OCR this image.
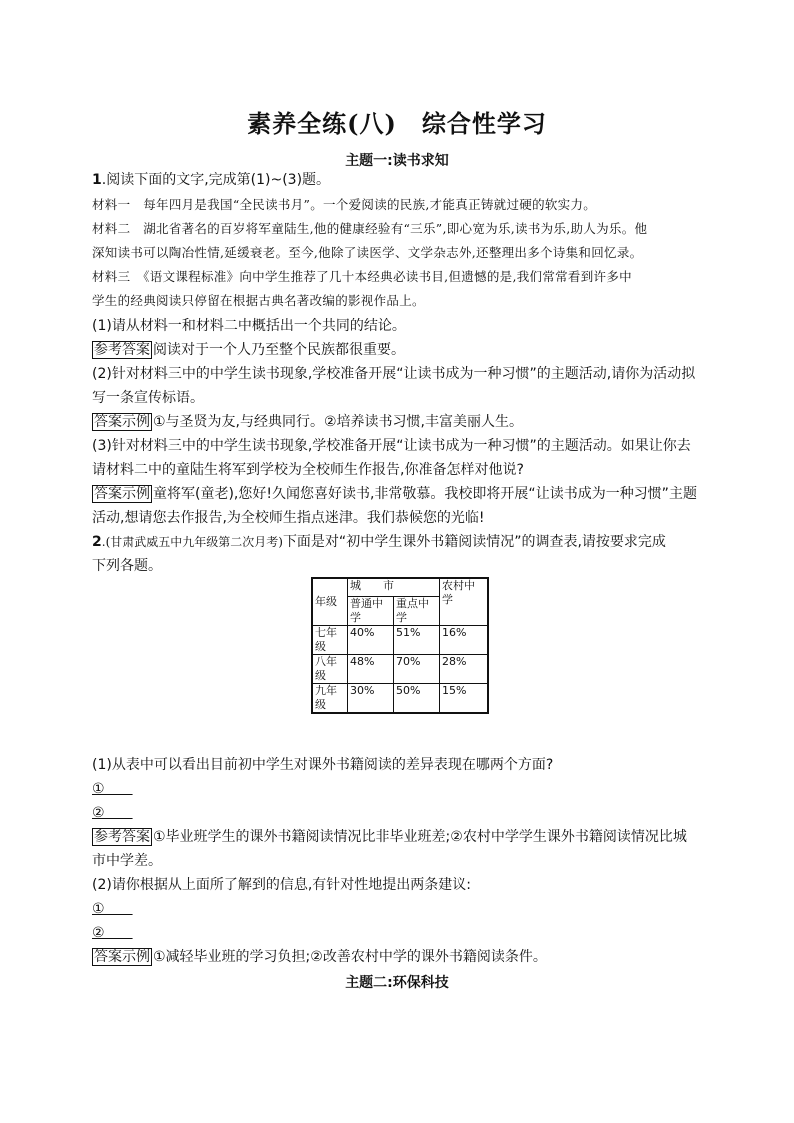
素养全练(八)　综合性学习
主题一:读书求知
1.阅读下面的文字,完成第(1)~(3)题。
材料一　 每年四月是我国“全民读书月”。一个爱阅读的民族,才能真正铸就过硬的软实力。
材料二　 湖北省著名的百岁将军童陆生,他的健康经验有“三乐”,即心宽为乐,读书为乐,助人为乐。他
深知读书可以陶冶性情,延缓衰老。至今,他除了读医学、文学杂志外,还整理出多个诗集和回忆录。
材料三　 《语文课程标准》向中学生推荐了几十本经典必读书目,但遗憾的是,我们常常看到许多中
学生的经典阅读只停留在根据古典名著改编的影视作品上。
(1)请从材料一和材料二中概括出一个共同的结论。
参考答案 阅读对于一个人乃至整个民族都很重要。
(2)针对材料三中的中学生读书现象,学校准备开展“让读书成为一种习惯”的主题活动,请你为活动拟
写一条宣传标语。
答案示例 ①与圣贤为友,与经典同行。②培养读书习惯,丰富美丽人生。
(3)针对材料三中的中学生读书现象,学校准备开展“让读书成为一种习惯”的主题活动。如果让你去
请材料二中的童陆生将军到学校为全校师生作报告,你准备怎样对他说?
答案示例 童将军(童老),您好!久闻您喜好读书,非常敬慕。我校即将开展“让读书成为一种习惯”主题
活动,想请您去作报告,为全校师生指点迷津。我们恭候您的光临!
2.(甘肃武威五中九年级第二次月考)下面是对“初中学生课外书籍阅读情况”的调查表,请按要求完成
下列各题。
年级	城　　市		农村中学
	普通中学	重点中学	
七年级	40%	51%	16%
八年级	48%	70%	28%
九年级	30%	50%	15%
(1)从表中可以看出目前初中学生对课外书籍阅读的差异表现在哪两个方面?
①　　
②　　
参考答案 ①毕业班学生的课外书籍阅读情况比非毕业班差;②农村中学学生课外书籍阅读情况比城
市中学差。
(2)请你根据从上面所了解到的信息,有针对性地提出两条建议:
①　　
②　　
答案示例 ①减轻毕业班的学习负担;②改善农村中学的课外书籍阅读条件。
主题二:环保科技
